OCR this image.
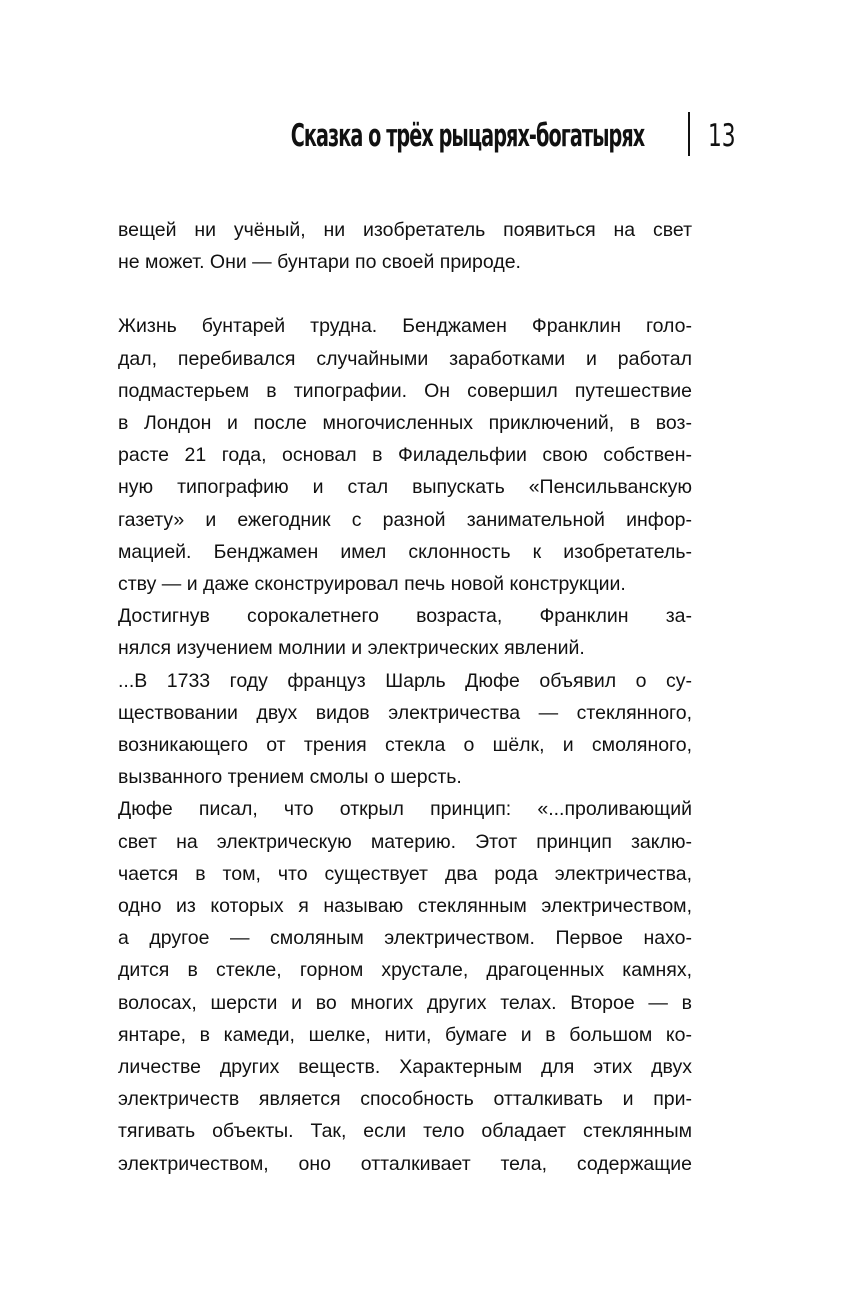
Сказка о трёх рыцарях-богатырях 13

вещей ни учёный, ни изобретатель появиться на свет
не может. Они — бунтари по своей природе.

Жизнь бунтарей трудна. Бенджамен Франклин голо-
дал, перебивался случайными заработками и работал
подмастерьем в типографии. Он совершил путешествие
в Лондон и после многочисленных приключений, в воз-
расте 21 года, основал в Филадельфии свою собствен-
ную типографию и стал выпускать «Пенсильванскую
газету» и ежегодник с разной занимательной инфор-
мацией. Бенджамен имел склонность к изобретатель-
ству — и даже сконструировал печь новой конструкции.

Достигнув сорокалетнего возраста, Франклин за-
нялся изучением молнии и электрических явлений.

...В 1733 году француз Шарль Дюфе объявил о су-
ществовании двух видов электричества — стеклянного,
возникающего от трения стекла о шёлк, и смоляного,
вызванного трением смолы о шерсть.

Дюфе писал, что открыл принцип: «...проливающий
свет на электрическую материю. Этот принцип заклю-
чается в том, что существует два рода электричества,
одно из которых я называю стеклянным электричеством,
а другое — смоляным электричеством. Первое нахо-
дится в стекле, горном хрустале, драгоценных камнях,
волосах, шерсти и во многих других телах. Второе — в
янтаре, в камеди, шелке, нити, бумаге и в большом ко-
личестве других веществ. Характерным для этих двух
электричеств является способность отталкивать и при-
тягивать объекты. Так, если тело обладает стеклянным
электричеством, оно отталкивает тела, содержащие
